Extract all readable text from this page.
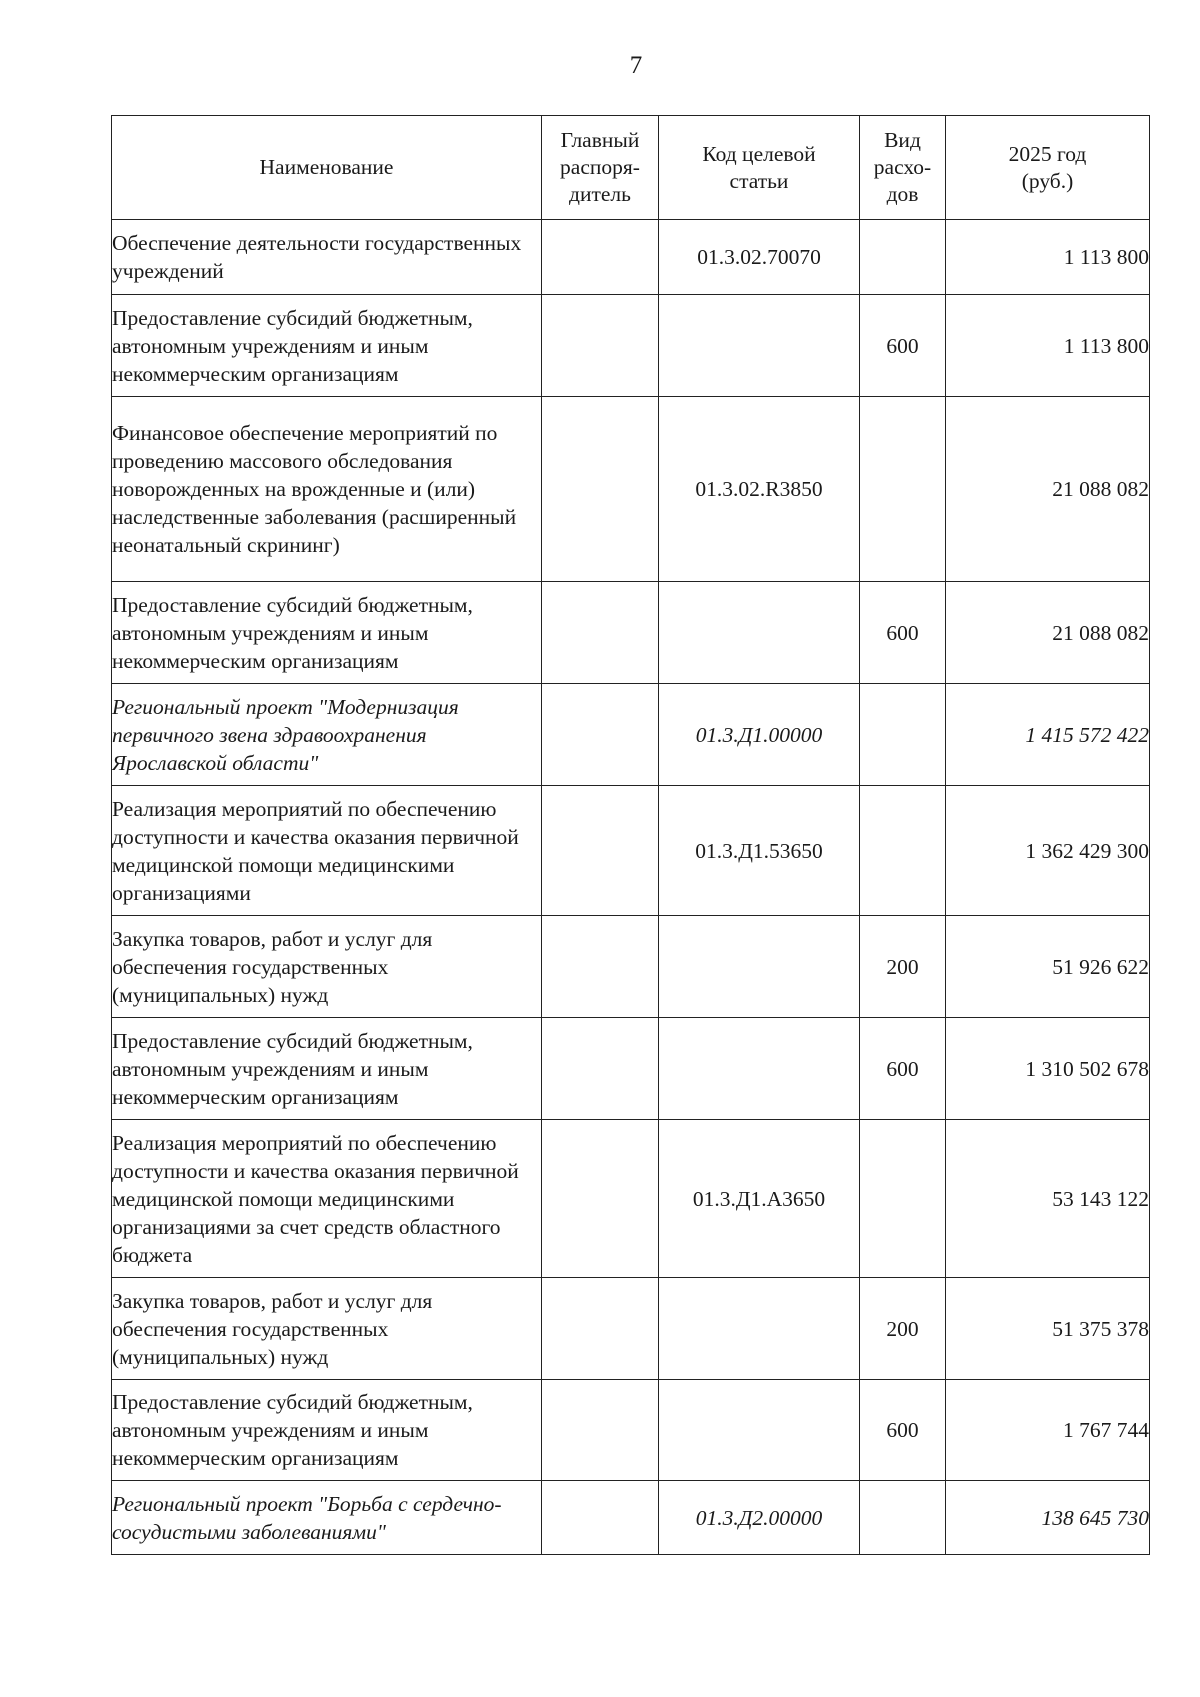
7
Наименование	Главный распоря-дитель	Код целевой статьи	Вид расхо-дов	2025 год (руб.)
Обеспечение деятельности государственных учреждений		01.3.02.70070		1 113 800
Предоставление субсидий бюджетным, автономным учреждениям и иным некоммерческим организациям			600	1 113 800
Финансовое обеспечение мероприятий по проведению массового обследования новорожденных на врожденные и (или) наследственные заболевания (расширенный неонатальный скрининг)		01.3.02.R3850		21 088 082
Предоставление субсидий бюджетным, автономным учреждениям и иным некоммерческим организациям			600	21 088 082
Региональный проект "Модернизация первичного звена здравоохранения Ярославской области"		01.3.Д1.00000		1 415 572 422
Реализация мероприятий по обеспечению доступности и качества оказания первичной медицинской помощи медицинскими организациями		01.3.Д1.53650		1 362 429 300
Закупка товаров, работ и услуг для обеспечения государственных (муниципальных) нужд			200	51 926 622
Предоставление субсидий бюджетным, автономным учреждениям и иным некоммерческим организациям			600	1 310 502 678
Реализация мероприятий по обеспечению доступности и качества оказания первичной медицинской помощи медицинскими организациями за счет средств областного бюджета		01.3.Д1.А3650		53 143 122
Закупка товаров, работ и услуг для обеспечения государственных (муниципальных) нужд			200	51 375 378
Предоставление субсидий бюджетным, автономным учреждениям и иным некоммерческим организациям			600	1 767 744
Региональный проект "Борьба с сердечно-сосудистыми заболеваниями"		01.3.Д2.00000		138 645 730
